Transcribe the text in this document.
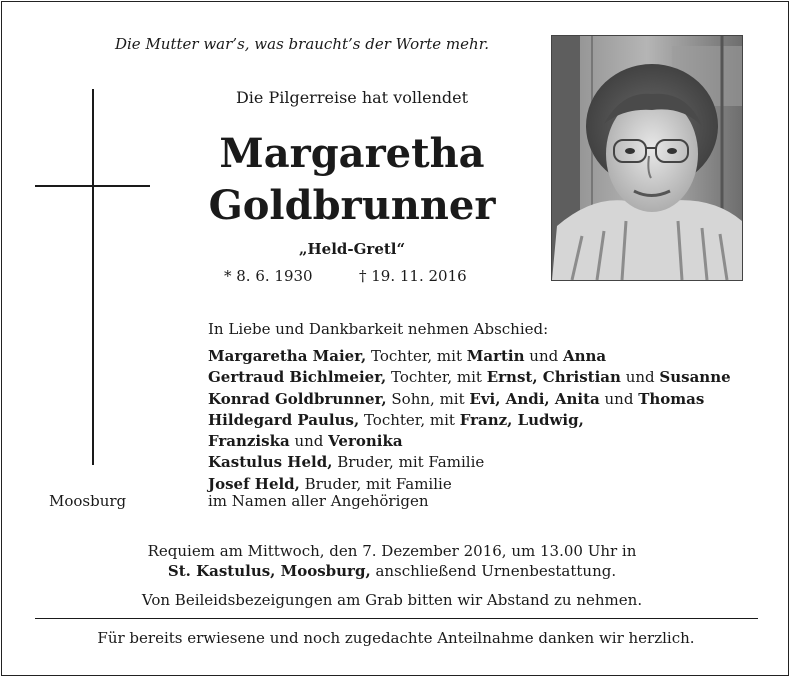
Die Mutter war’s, was braucht’s der Worte mehr.
Die Pilgerreise hat vollendet
Margaretha
Goldbrunner
„Held-Gretl“
* 8. 6. 1930	† 19. 11. 2016
In Liebe und Dankbarkeit nehmen Abschied:
Margaretha Maier, Tochter, mit Martin und Anna
Gertraud Bichlmeier, Tochter, mit Ernst, Christian und Susanne
Konrad Goldbrunner, Sohn, mit Evi, Andi, Anita und Thomas
Hildegard Paulus, Tochter, mit Franz, Ludwig,
Franziska und Veronika
Kastulus Held, Bruder, mit Familie
Josef Held, Bruder, mit Familie
Moosburg	im Namen aller Angehörigen
Requiem am Mittwoch, den 7. Dezember 2016, um 13.00 Uhr in
St. Kastulus, Moosburg, anschließend Urnenbestattung.
Von Beileidsbezeigungen am Grab bitten wir Abstand zu nehmen.
Für bereits erwiesene und noch zugedachte Anteilnahme danken wir herzlich.
